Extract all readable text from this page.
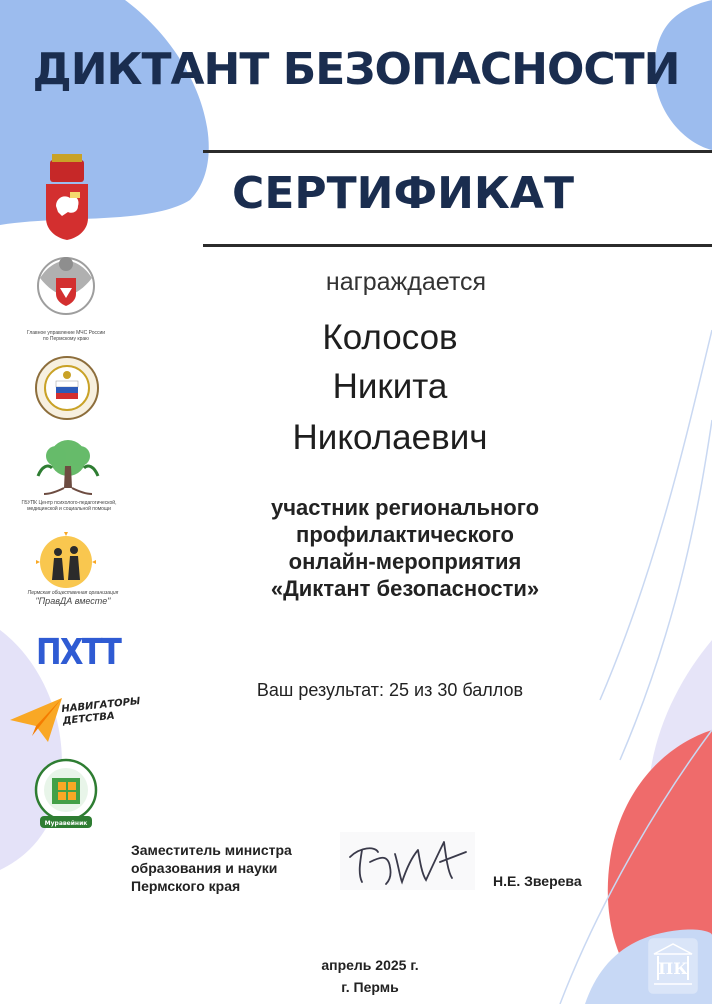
ДИКТАНТ БЕЗОПАСНОСТИ
СЕРТИФИКАТ
награждается
Колосов
Никита
Николаевич
участник регионального
профилактического
онлайн-мероприятия
«Диктант безопасности»
Ваш результат: 25 из 30 баллов
Заместитель министра
образования и науки
Пермского края	Н.Е. Зверева
апрель 2025 г.
г. Пермь
ПК
Главное управление МЧС России
по Пермскому краю
ГБУПК Центр психолого-педагогической,
медицинской и социальной помощи
Пермская общественная организация
"ПравДА вместе"
ПХТТ
НАВИГАТОРЫ
ДЕТСТВА
Муравейник
